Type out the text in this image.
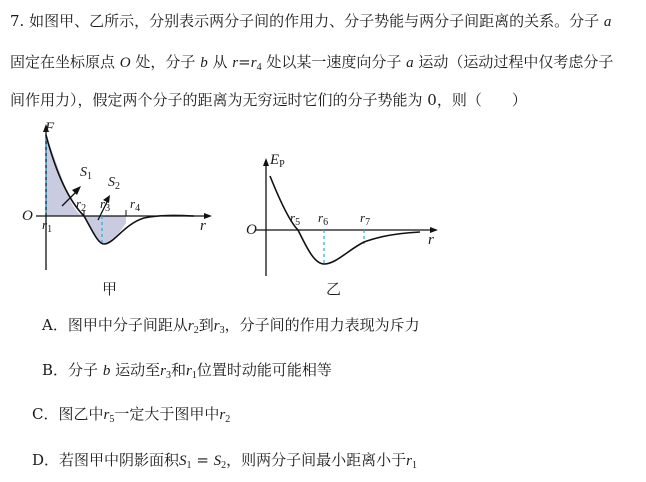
7. 如图甲、乙所示，分别表示两分子间的作用力、分子势能与两分子间距离的关系。分子 a
固定在坐标原点 O 处，分子 b 从 $r=r_4$ 处以某一速度向分子 a 运动（运动过程中仅考虑分子
间作用力），假定两个分子的距离为无穷远时它们的分子势能为 0，则（　　）
F
O
r
$r_1$
$r_2$ $r_3$ $r_4$
$S_1$ $S_2$
甲
$E_P$
O
r
$r_5$ $r_6$ $r_7$
乙
A．图甲中分子间距从$r_2$到$r_3$，分子间的作用力表现为斥力
B．分子 b 运动至$r_3$和$r_1$位置时动能可能相等
C．图乙中$r_5$一定大于图甲中$r_2$
D．若图甲中阴影面积$S_1 = S_2$，则两分子间最小距离小于$r_1$
